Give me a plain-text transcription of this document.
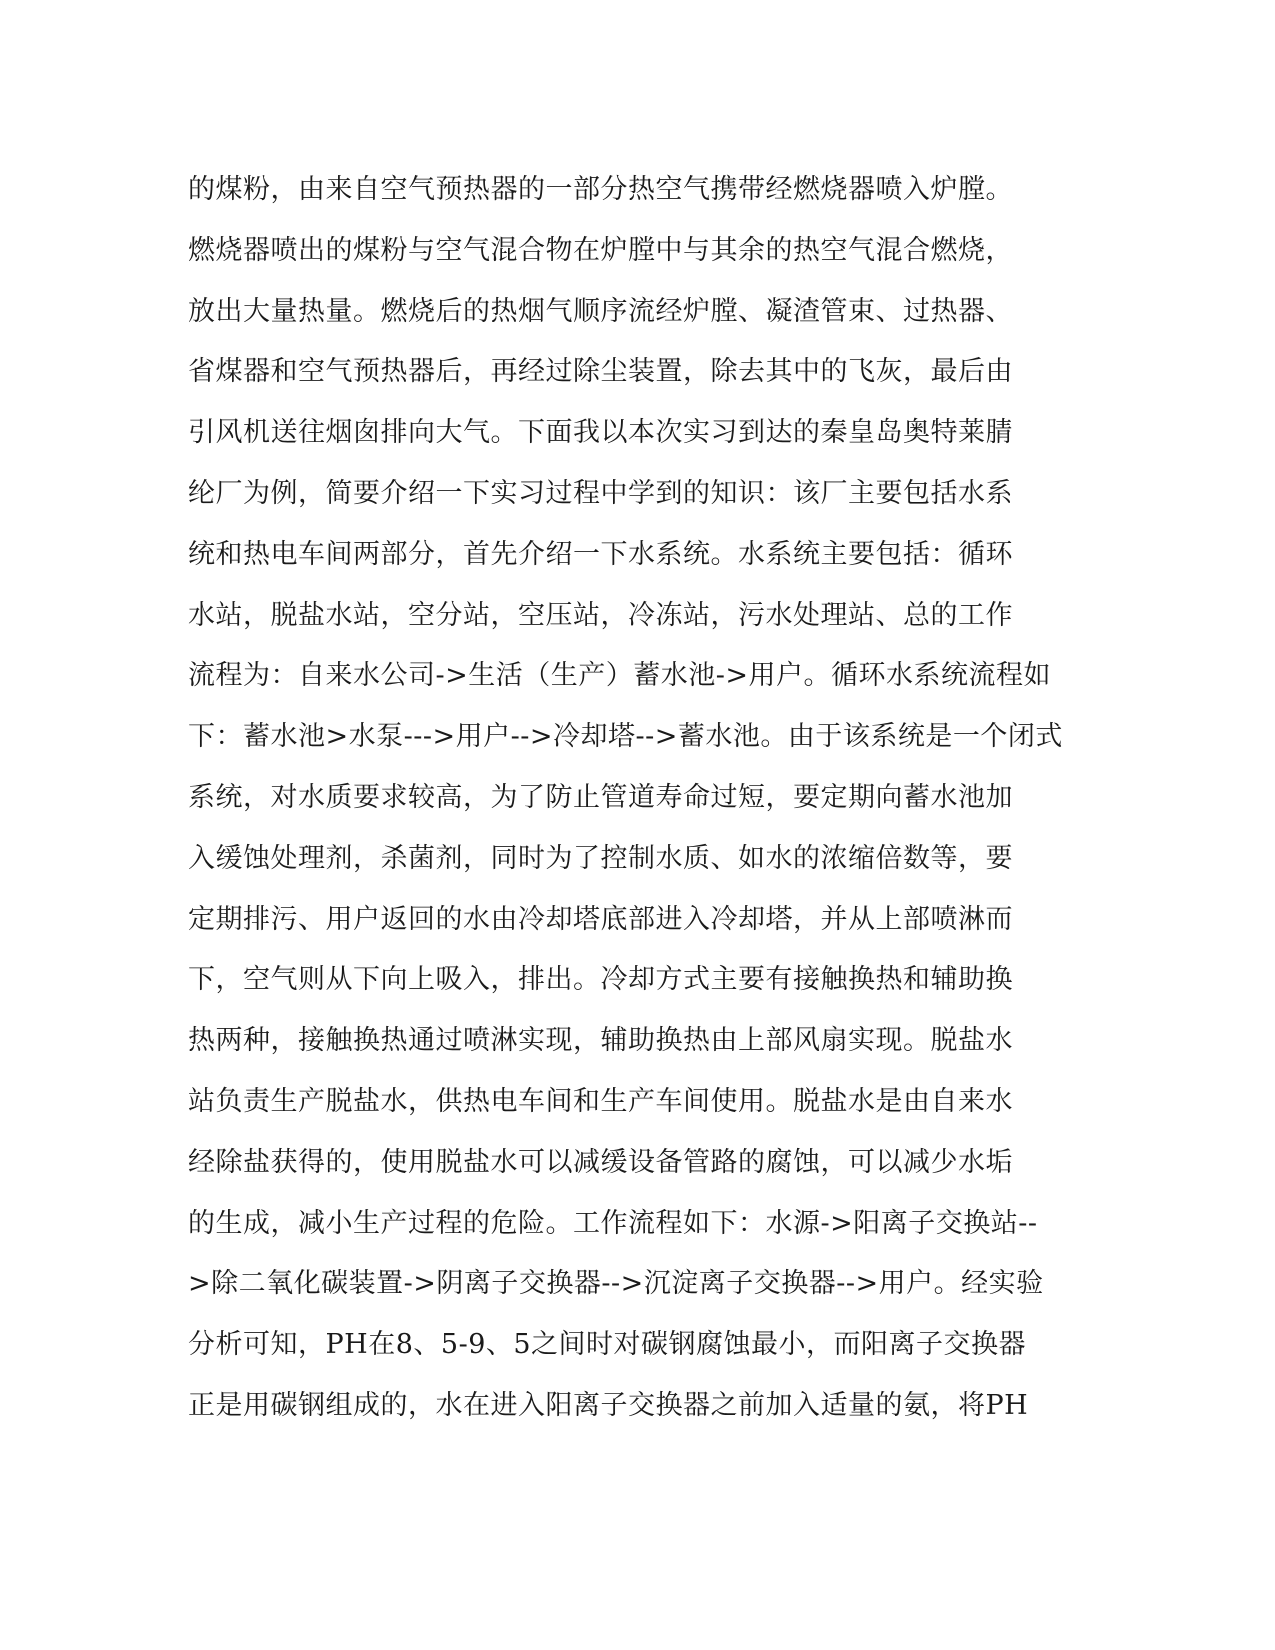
的煤粉，由来自空气预热器的一部分热空气携带经燃烧器喷入炉膛。
燃烧器喷出的煤粉与空气混合物在炉膛中与其余的热空气混合燃烧，
放出大量热量。燃烧后的热烟气顺序流经炉膛、凝渣管束、过热器、
省煤器和空气预热器后，再经过除尘装置，除去其中的飞灰，最后由
引风机送往烟囱排向大气。下面我以本次实习到达的秦皇岛奥特莱腈
纶厂为例，简要介绍一下实习过程中学到的知识：该厂主要包括水系
统和热电车间两部分，首先介绍一下水系统。水系统主要包括：循环
水站，脱盐水站，空分站，空压站，冷冻站，污水处理站、总的工作
流程为：自来水公司->生活（生产）蓄水池->用户。循环水系统流程如
下：蓄水池>水泵--->用户-->冷却塔-->蓄水池。由于该系统是一个闭式
系统，对水质要求较高，为了防止管道寿命过短，要定期向蓄水池加
入缓蚀处理剂，杀菌剂，同时为了控制水质、如水的浓缩倍数等，要
定期排污、用户返回的水由冷却塔底部进入冷却塔，并从上部喷淋而
下，空气则从下向上吸入，排出。冷却方式主要有接触换热和辅助换
热两种，接触换热通过喷淋实现，辅助换热由上部风扇实现。脱盐水
站负责生产脱盐水，供热电车间和生产车间使用。脱盐水是由自来水
经除盐获得的，使用脱盐水可以减缓设备管路的腐蚀，可以减少水垢
的生成，减小生产过程的危险。工作流程如下：水源->阳离子交换站--
>除二氧化碳装置->阴离子交换器-->沉淀离子交换器-->用户。经实验
分析可知，PH在8、5-9、5之间时对碳钢腐蚀最小，而阳离子交换器
正是用碳钢组成的，水在进入阳离子交换器之前加入适量的氨，将PH
